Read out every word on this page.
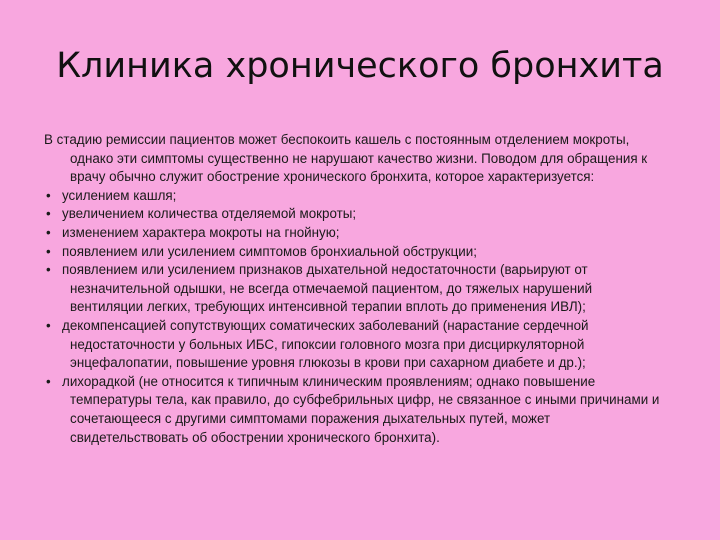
Клиника хронического бронхита

В стадию ремиссии пациентов может беспокоить кашель с постоянным отделением мокроты, однако эти симптомы существенно не нарушают качество жизни. Поводом для обращения к врачу обычно служит обострение хронического бронхита, которое характеризуется:

• усилением кашля;
• увеличением количества отделяемой мокроты;
• изменением характера мокроты на гнойную;
• появлением или усилением симптомов бронхиальной обструкции;
• появлением или усилением признаков дыхательной недостаточности (варьируют от незначительной одышки, не всегда отмечаемой пациентом, до тяжелых нарушений вентиляции легких, требующих интенсивной терапии вплоть до применения ИВЛ);
• декомпенсацией сопутствующих соматических заболеваний (нарастание сердечной недостаточности у больных ИБС, гипоксии головного мозга при дисциркуляторной энцефалопатии, повышение уровня глюкозы в крови при сахарном диабете и др.);
• лихорадкой (не относится к типичным клиническим проявлениям; однако повышение температуры тела, как правило, до субфебрильных цифр, не связанное с иными причинами и сочетающееся с другими симптомами поражения дыхательных путей, может свидетельствовать об обострении хронического бронхита).
